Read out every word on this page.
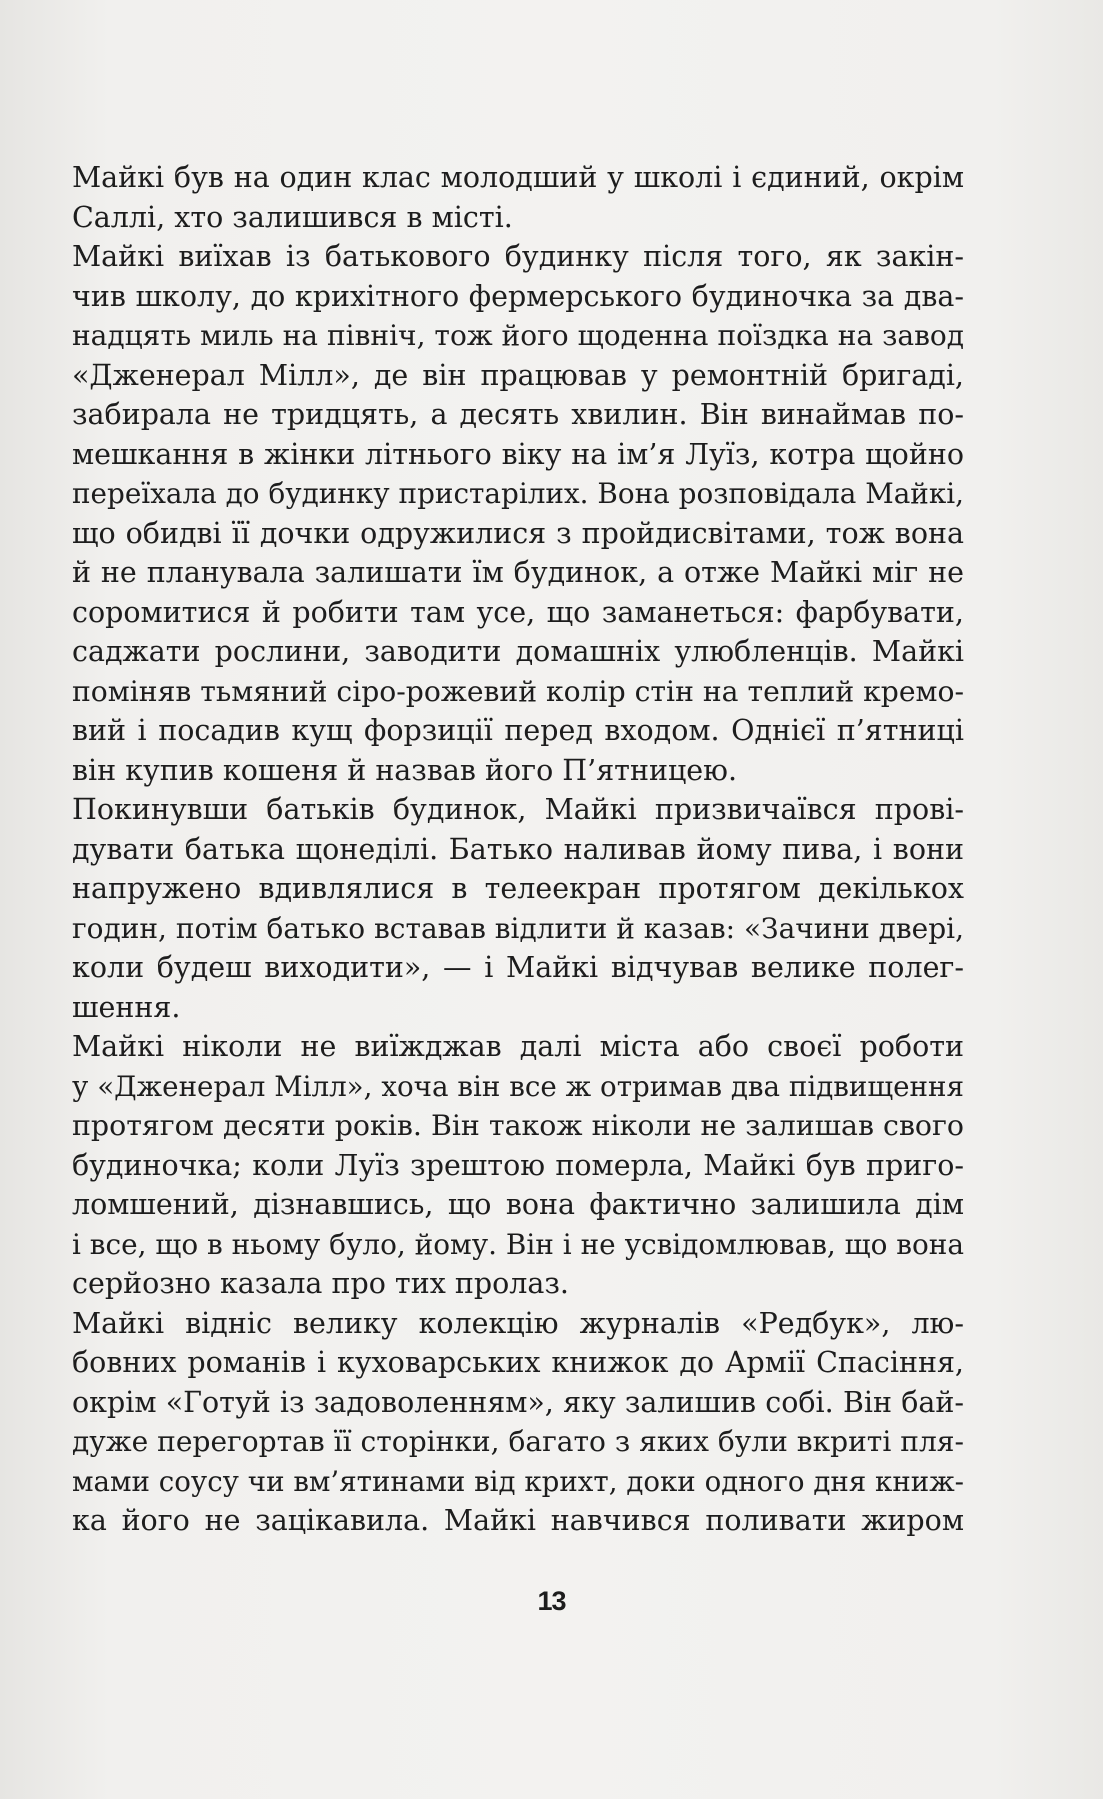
Майкі був на один клас молодший у школі і єдиний, окрім
Саллі, хто залишився в місті.

Майкі виїхав із батькового будинку після того, як закін-
чив школу, до крихітного фермерського будиночка за два-
надцять миль на північ, тож його щоденна поїздка на завод
«Дженерал Мілл», де він працював у ремонтній бригаді,
забирала не тридцять, а десять хвилин. Він винаймав по-
мешкання в жінки літнього віку на ім’я Луїз, котра щойно
переїхала до будинку пристарілих. Вона розповідала Майкі,
що обидві її дочки одружилися з пройдисвітами, тож вона
й не планувала залишати їм будинок, а отже Майкі міг не
соромитися й робити там усе, що заманеться: фарбувати,
саджати рослини, заводити домашніх улюбленців. Майкі
поміняв тьмяний сіро-рожевий колір стін на теплий кремо-
вий і посадив кущ форзиції перед входом. Однієї п’ятниці
він купив кошеня й назвав його П’ятницею.

Покинувши батьків будинок, Майкі призвичаївся прові-
дувати батька щонеділі. Батько наливав йому пива, і вони
напружено вдивлялися в телеекран протягом декількох
годин, потім батько вставав відлити й казав: «Зачини двері,
коли будеш виходити», — і Майкі відчував велике полег-
шення.

Майкі ніколи не виїжджав далі міста або своєї роботи
у «Дженерал Мілл», хоча він все ж отримав два підвищення
протягом десяти років. Він також ніколи не залишав свого
будиночка; коли Луїз зрештою померла, Майкі був приго-
ломшений, дізнавшись, що вона фактично залишила дім
і все, що в ньому було, йому. Він і не усвідомлював, що вона
серйозно казала про тих пролаз.

Майкі відніс велику колекцію журналів «Редбук», лю-
бовних романів і куховарських книжок до Армії Спасіння,
окрім «Готуй із задоволенням», яку залишив собі. Він бай-
дуже перегортав її сторінки, багато з яких були вкриті пля-
мами соусу чи вм’ятинами від крихт, доки одного дня книж-
ка його не зацікавила. Майкі навчився поливати жиром

13
